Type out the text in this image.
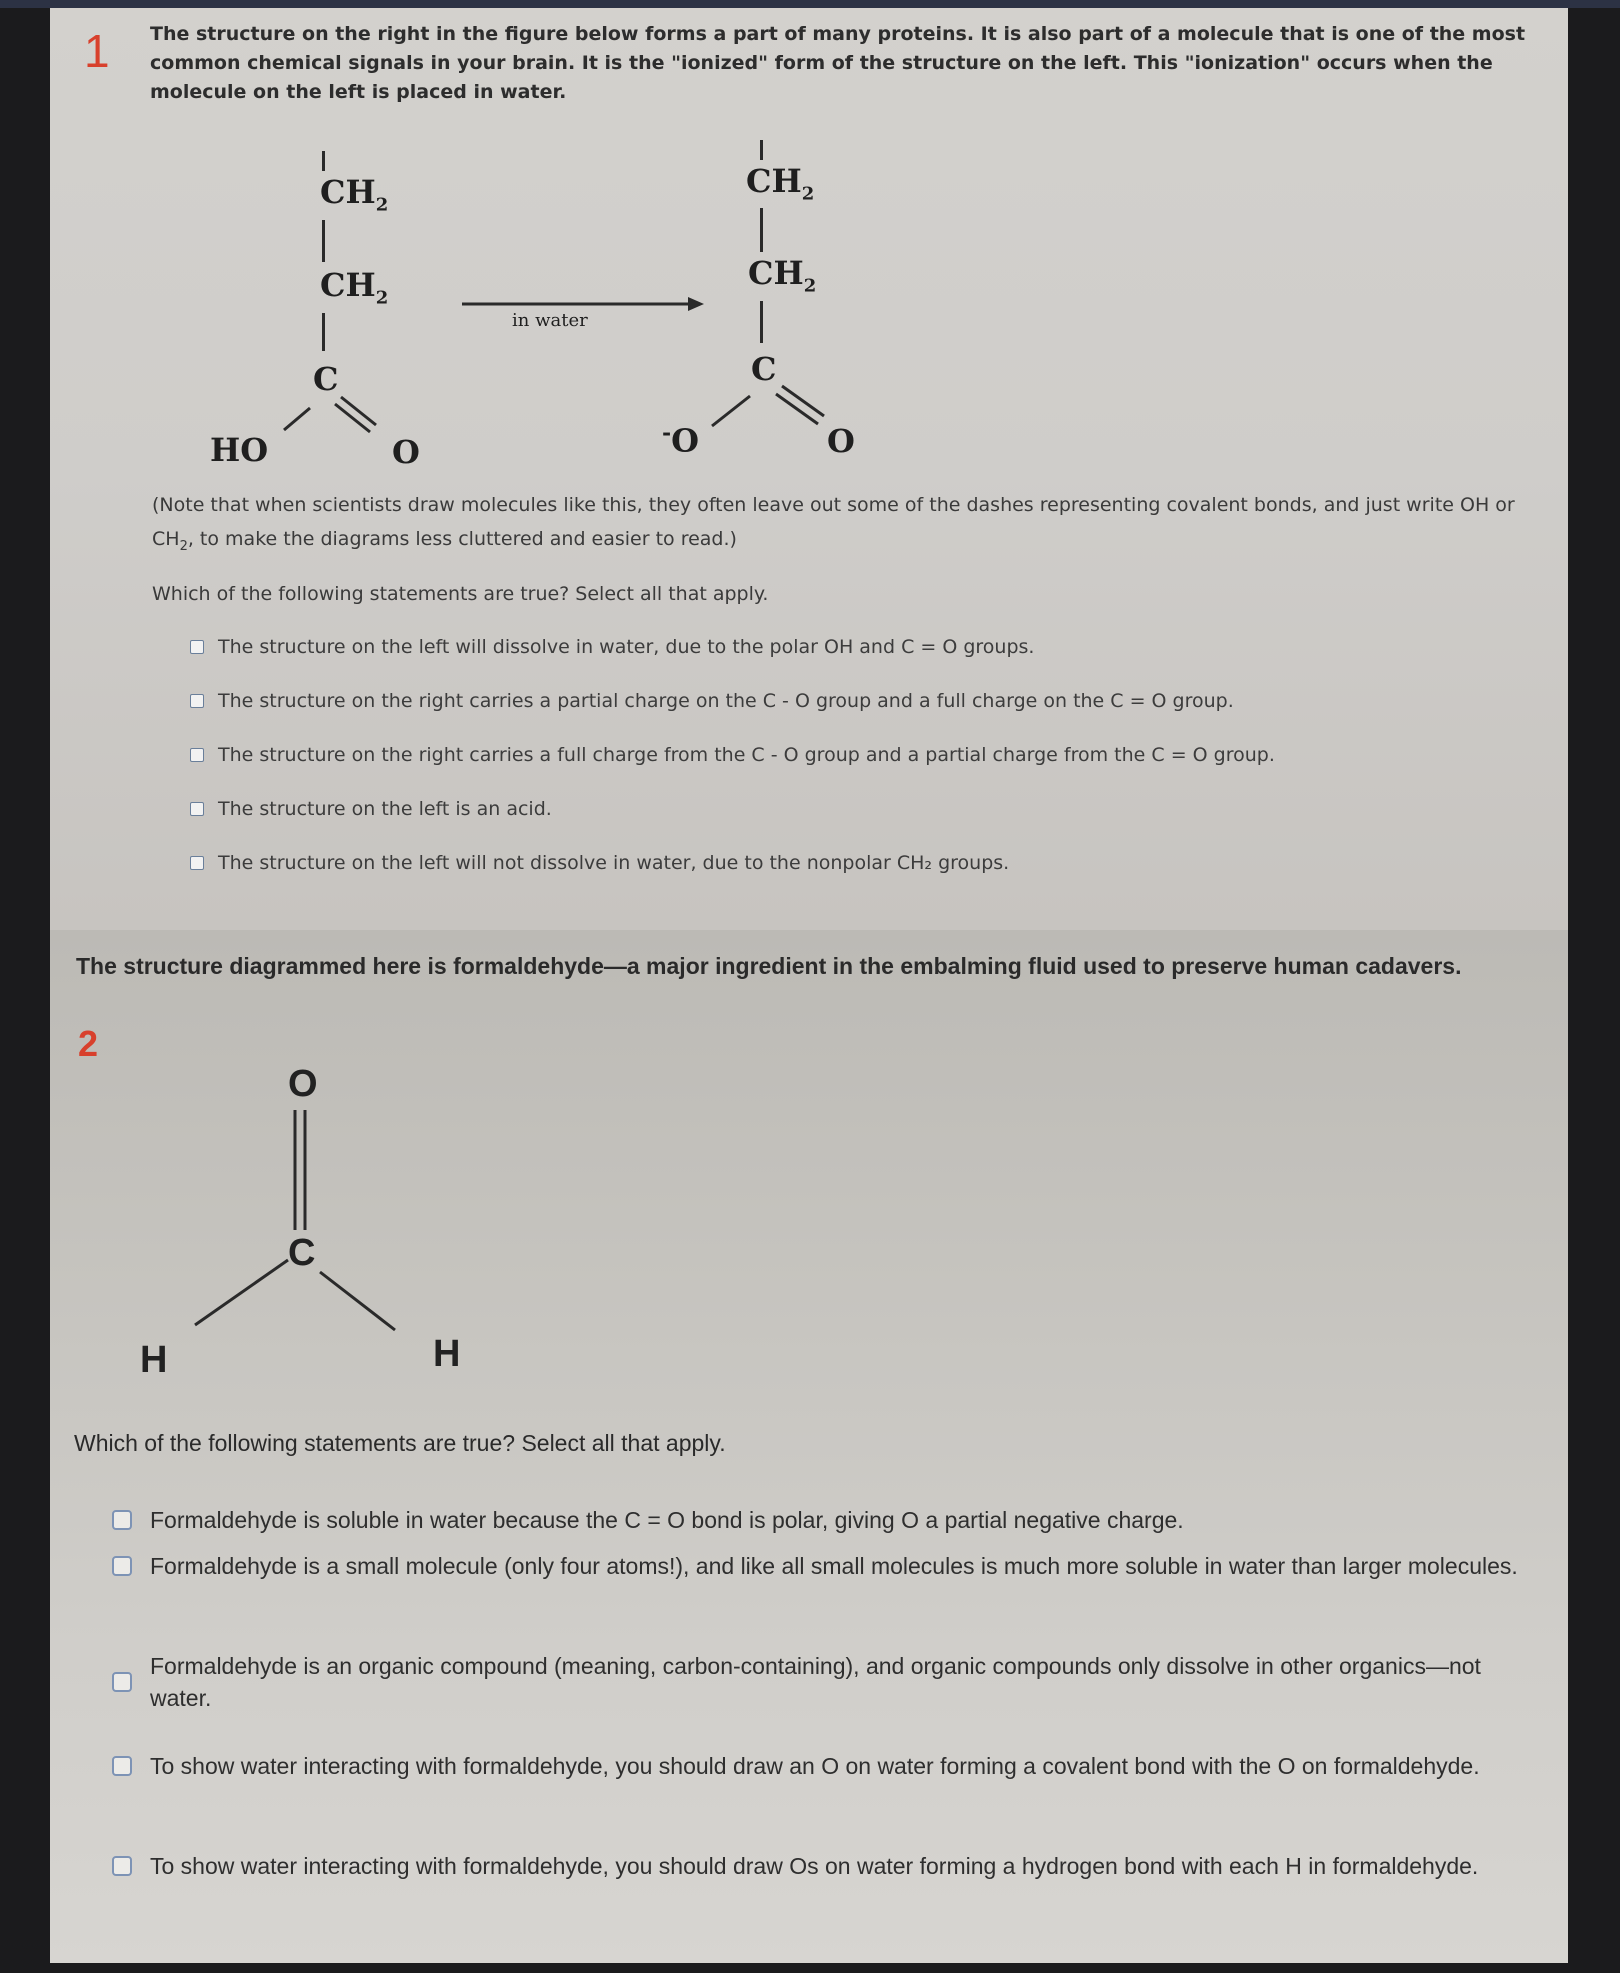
1 The structure on the right in the figure below forms a part of many proteins. It is also part of a molecule that is one of the most common chemical signals in your brain. It is the "ionized" form of the structure on the left. This "ionization" occurs when the molecule on the left is placed in water.
$CH_2$
$CH_2$
C
HO	O
in water
$CH_2$
$CH_2$
C
-O	O
(Note that when scientists draw molecules like this, they often leave out some of the dashes representing covalent bonds, and just write OH or $CH_2$, to make the diagrams less cluttered and easier to read.)
Which of the following statements are true? Select all that apply.
The structure on the left will dissolve in water, due to the polar OH and C = O groups.
The structure on the right carries a partial charge on the C - O group and a full charge on the C = O group.
The structure on the right carries a full charge from the C - O group and a partial charge from the C = O group.
The structure on the left is an acid.
The structure on the left will not dissolve in water, due to the nonpolar CH₂ groups.
The structure diagrammed here is formaldehyde—a major ingredient in the embalming fluid used to preserve human cadavers.
2
O
C
H	H
Which of the following statements are true? Select all that apply.
Formaldehyde is soluble in water because the C = O bond is polar, giving O a partial negative charge.
Formaldehyde is a small molecule (only four atoms!), and like all small molecules is much more soluble in water than larger molecules.
Formaldehyde is an organic compound (meaning, carbon-containing), and organic compounds only dissolve in other organics—not water.
To show water interacting with formaldehyde, you should draw an O on water forming a covalent bond with the O on formaldehyde.
To show water interacting with formaldehyde, you should draw Os on water forming a hydrogen bond with each H in formaldehyde.
